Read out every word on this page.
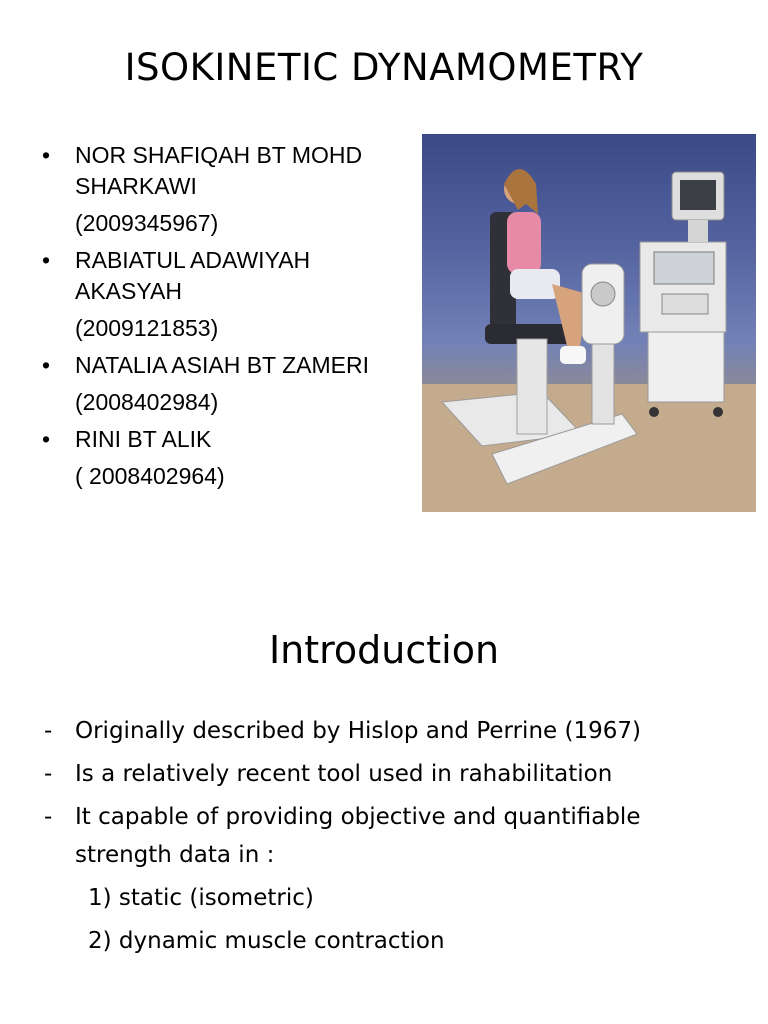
ISOKINETIC DYNAMOMETRY
• NOR SHAFIQAH BT MOHD SHARKAWI
(2009345967)
• RABIATUL ADAWIYAH AKASYAH
(2009121853)
• NATALIA ASIAH BT ZAMERI
(2008402984)
• RINI BT ALIK
( 2008402964)
Introduction
- Originally described by Hislop and Perrine (1967)
- Is a relatively recent tool used in rahabilitation
- It capable of providing objective and quantifiable strength data in :
1) static (isometric)
2) dynamic muscle contraction
